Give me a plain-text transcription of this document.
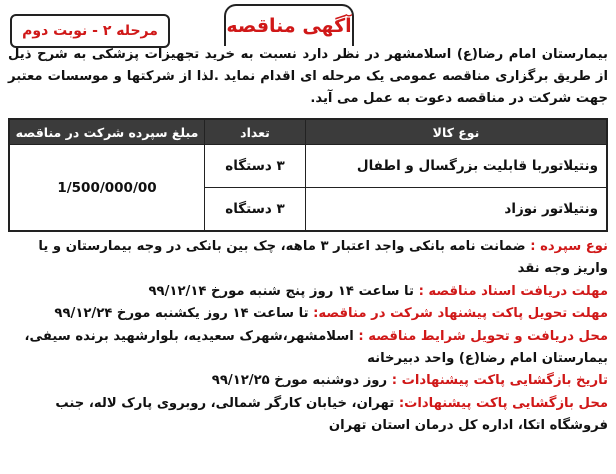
مرحله ۲ - نوبت دوم	آگهی مناقصه
بیمارستان امام رضا(ع) اسلامشهر در نظر دارد نسبت به خرید تجهیزات پزشکی به شرح ذیل از طریق برگزاری مناقصه عمومی یک مرحله ای اقدام نماید .لذا از شرکتها و موسسات معتبر جهت شرکت در مناقصه دعوت به عمل می آید.
نوع کالا	تعداد	مبلغ سپرده شرکت در مناقصه
ونتیلاتوربا قابلیت بزرگسال و اطفال	۳ دستگاه	1/500/000/00
ونتیلاتور نوزاد	۳ دستگاه	

نوع سپرده : ضمانت نامه بانکی واجد اعتبار ۳ ماهه، چک بین بانکی در وجه بیمارستان و یا واریز وجه نقد

مهلت دریافت اسناد مناقصه : تا ساعت ۱۴ روز پنج شنبه مورخ ۹۹/۱۲/۱۴

مهلت تحویل پاکت پیشنهاد شرکت در مناقصه: تا ساعت ۱۴ روز یکشنبه مورخ ۹۹/۱۲/۲۴

محل دریافت و تحویل شرایط مناقصه : اسلامشهر،شهرک سعیدیه، بلوارشهید برنده سیفی، بیمارستان امام رضا(ع) واحد دبیرخانه

تاریخ بازگشایی پاکت پیشنهادات : روز دوشنبه مورخ ۹۹/۱۲/۲۵

محل بازگشایی پاکت پیشنهادات: تهران، خیابان کارگر شمالی، روبروی پارک لاله، جنب فروشگاه اتکا، اداره کل درمان استان تهران
